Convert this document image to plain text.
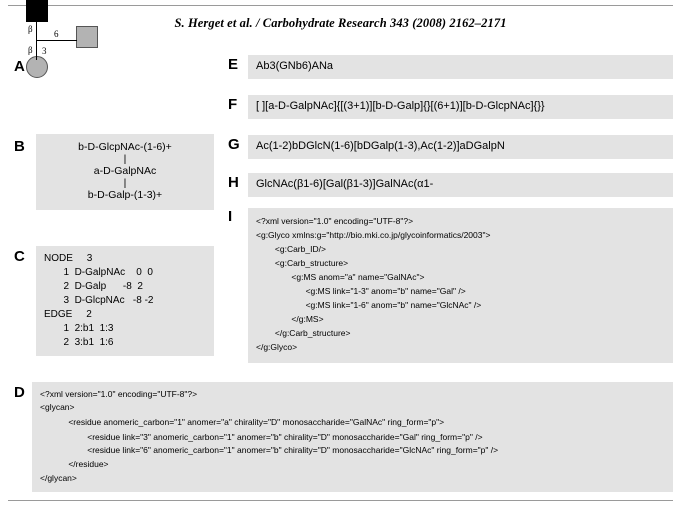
S. Herget et al. / Carbohydrate Research 343 (2008) 2162–2171
A
β 6
3
β
B	b-D-GlcpNAc-(1-6)+
|
a-D-GalpNAc
|
b-D-Galp-(1-3)+
C NODE     3
1  D-GalpNAc    0  0
2  D-Galp      -8  2
3  D-GlcpNAc   -8 -2
EDGE     2
1  2:b1  1:3
2  3:b1  1:6
D <?xml version="1.0" encoding="UTF-8"?>
<glycan>
<residue anomeric_carbon="1" anomer="a" chirality="D" monosaccharide="GalNAc" ring_form="p">
<residue link="3" anomeric_carbon="1" anomer="b" chirality="D" monosaccharide="Gal" ring_form="p" />
<residue link="6" anomeric_carbon="1" anomer="b" chirality="D" monosaccharide="GlcNAc" ring_form="p" />
</residue>
</glycan>
E Ab3(GNb6)ANa
F [ ][a-D-GalpNAc]{[(3+1)][b-D-Galp]{}[(6+1)][b-D-GlcpNAc]{}}
G Ac(1-2)bDGlcN(1-6)[bDGalp(1-3),Ac(1-2)]aDGalpN
H GlcNAc(β1-6)[Gal(β1-3)]GalNAc(α1-
I	<?xml version="1.0" encoding="UTF-8"?>
<g:Glyco xmlns:g="http://bio.mki.co.jp/glycoinformatics/2003">
<g:Carb_ID/>
<g:Carb_structure>
<g:MS anom="a" name="GalNAc">
<g:MS link="1-3" anom="b" name="Gal" />
<g:MS link="1-6" anom="b" name="GlcNAc" />
</g:MS>
</g:Carb_structure>
</g:Glyco>
